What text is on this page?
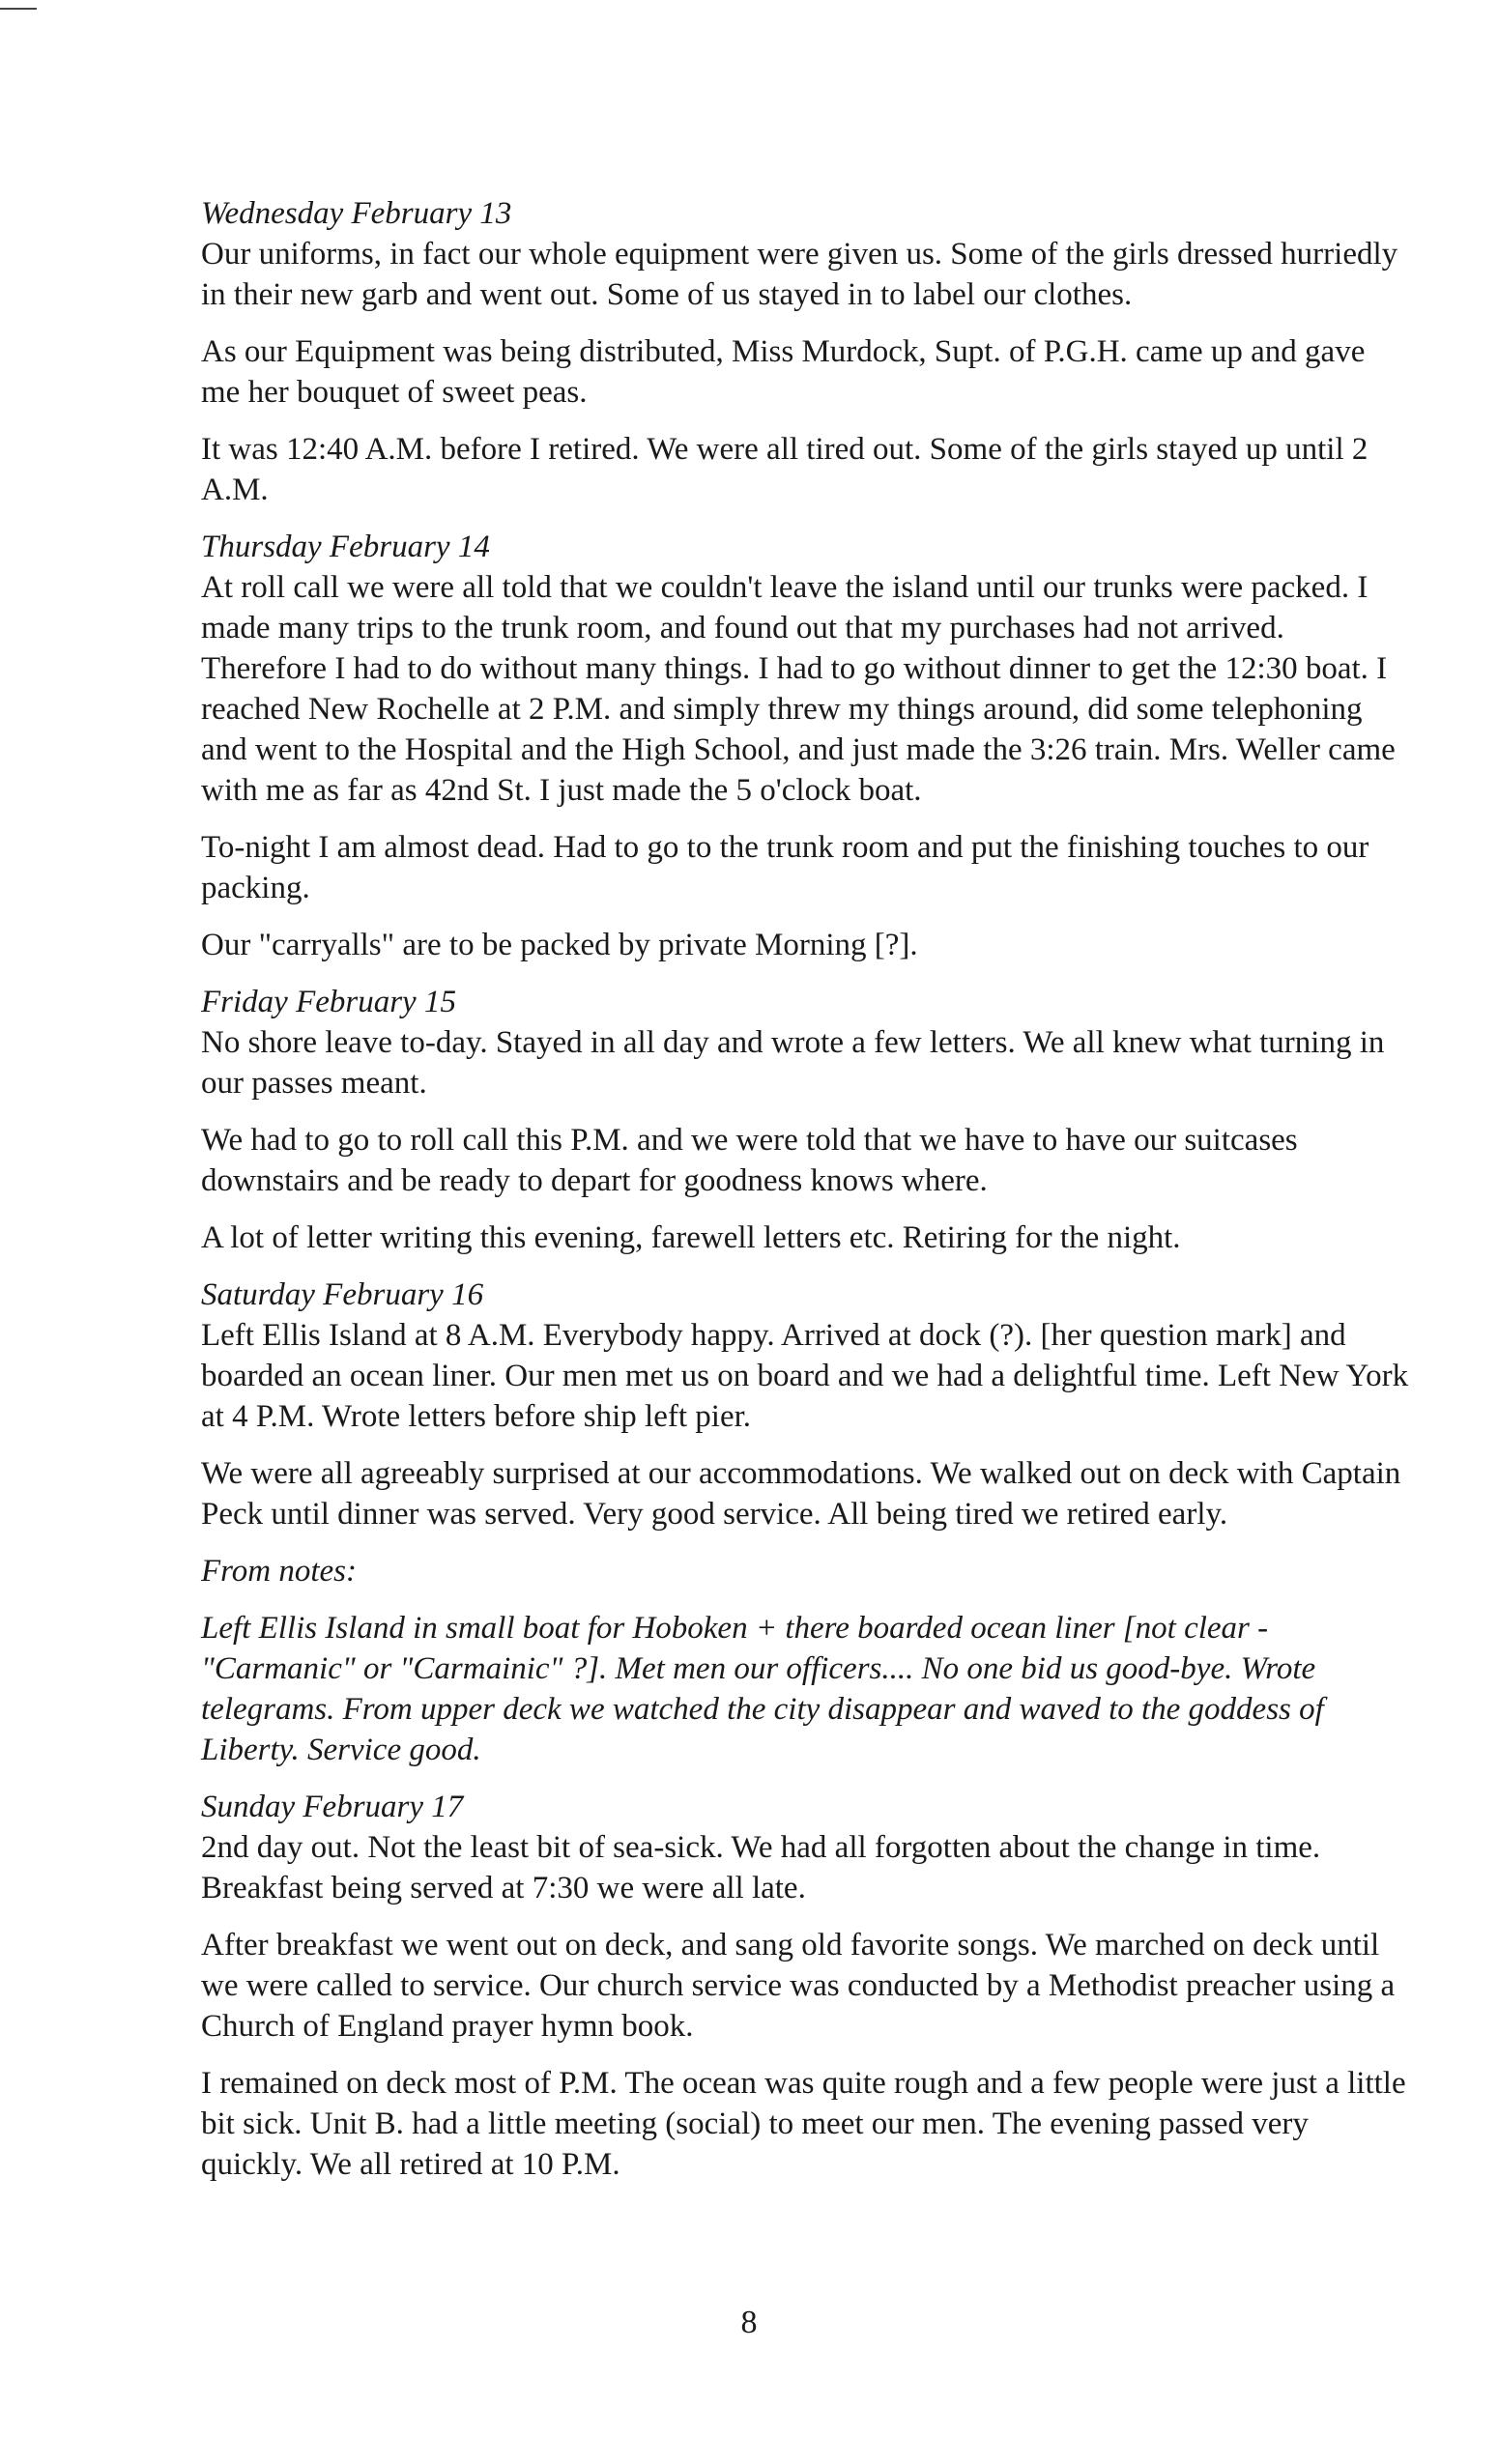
Wednesday February 13

Our uniforms, in fact our whole equipment were given us. Some of the girls dressed hurriedly in their new garb and went out. Some of us stayed in to label our clothes.

As our Equipment was being distributed, Miss Murdock, Supt. of P.G.H. came up and gave me her bouquet of sweet peas.

It was 12:40 A.M. before I retired. We were all tired out. Some of the girls stayed up until 2 A.M.

Thursday February 14

At roll call we were all told that we couldn't leave the island until our trunks were packed. I made many trips to the trunk room, and found out that my purchases had not arrived. Therefore I had to do without many things. I had to go without dinner to get the 12:30 boat. I reached New Rochelle at 2 P.M. and simply threw my things around, did some telephoning and went to the Hospital and the High School, and just made the 3:26 train. Mrs. Weller came with me as far as 42nd St. I just made the 5 o'clock boat.

To-night I am almost dead. Had to go to the trunk room and put the finishing touches to our packing.

Our "carryalls" are to be packed by private Morning [?].

Friday February 15

No shore leave to-day. Stayed in all day and wrote a few letters. We all knew what turning in our passes meant.

We had to go to roll call this P.M. and we were told that we have to have our suitcases downstairs and be ready to depart for goodness knows where.

A lot of letter writing this evening, farewell letters etc. Retiring for the night.

Saturday February 16

Left Ellis Island at 8 A.M. Everybody happy. Arrived at dock (?). [her question mark] and boarded an ocean liner. Our men met us on board and we had a delightful time. Left New York at 4 P.M. Wrote letters before ship left pier.

We were all agreeably surprised at our accommodations. We walked out on deck with Captain Peck until dinner was served. Very good service. All being tired we retired early.

From notes:

Left Ellis Island in small boat for Hoboken + there boarded ocean liner [not clear - "Carmanic" or "Carmainic" ?]. Met men our officers.... No one bid us good-bye. Wrote telegrams. From upper deck we watched the city disappear and waved to the goddess of Liberty. Service good.

Sunday February 17

2nd day out. Not the least bit of sea-sick. We had all forgotten about the change in time. Breakfast being served at 7:30 we were all late.

After breakfast we went out on deck, and sang old favorite songs. We marched on deck until we were called to service. Our church service was conducted by a Methodist preacher using a Church of England prayer hymn book.

I remained on deck most of P.M. The ocean was quite rough and a few people were just a little bit sick. Unit B. had a little meeting (social) to meet our men. The evening passed very quickly. We all retired at 10 P.M.

8
